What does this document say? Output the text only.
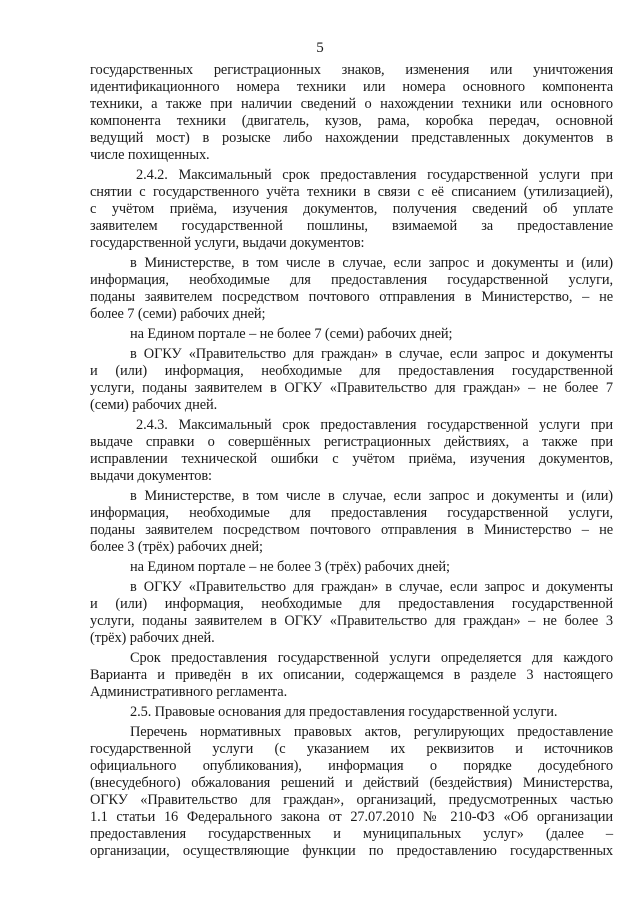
5
государственных регистрационных знаков, изменения или уничтожения
идентификационного номера техники или номера основного компонента
техники, а также при наличии сведений о нахождении техники или основного
компонента техники (двигатель, кузов, рама, коробка передач, основной
ведущий мост) в розыске либо нахождении представленных документов в
числе похищенных.
2.4.2. Максимальный срок предоставления государственной услуги при
снятии с государственного учёта техники в связи с её списанием (утилизацией),
с учётом приёма, изучения документов, получения сведений об уплате
заявителем государственной пошлины, взимаемой за предоставление
государственной услуги, выдачи документов:
в Министерстве, в том числе в случае, если запрос и документы и (или)
информация, необходимые для предоставления государственной услуги,
поданы заявителем посредством почтового отправления в Министерство, – не
более 7 (семи) рабочих дней;
на Едином портале – не более 7 (семи) рабочих дней;
в ОГКУ «Правительство для граждан» в случае, если запрос и документы
и (или) информация, необходимые для предоставления государственной
услуги, поданы заявителем в ОГКУ «Правительство для граждан» – не более 7
(семи) рабочих дней.
2.4.3. Максимальный срок предоставления государственной услуги при
выдаче справки о совершённых регистрационных действиях, а также при
исправлении технической ошибки с учётом приёма, изучения документов,
выдачи документов:
в Министерстве, в том числе в случае, если запрос и документы и (или)
информация, необходимые для предоставления государственной услуги,
поданы заявителем посредством почтового отправления в Министерство – не
более 3 (трёх) рабочих дней;
на Едином портале – не более 3 (трёх) рабочих дней;
в ОГКУ «Правительство для граждан» в случае, если запрос и документы
и (или) информация, необходимые для предоставления государственной
услуги, поданы заявителем в ОГКУ «Правительство для граждан» – не более 3
(трёх) рабочих дней.
Срок предоставления государственной услуги определяется для каждого
Варианта и приведён в их описании, содержащемся в разделе 3 настоящего
Административного регламента.
2.5. Правовые основания для предоставления государственной услуги.
Перечень нормативных правовых актов, регулирующих предоставление
государственной услуги (с указанием их реквизитов и источников
официального опубликования), информация о порядке досудебного
(внесудебного) обжалования решений и действий (бездействия) Министерства,
ОГКУ «Правительство для граждан», организаций, предусмотренных частью
1.1 статьи 16 Федерального закона от 27.07.2010 № 210-ФЗ «Об организации
предоставления государственных и муниципальных услуг» (далее –
организации, осуществляющие функции по предоставлению государственных
